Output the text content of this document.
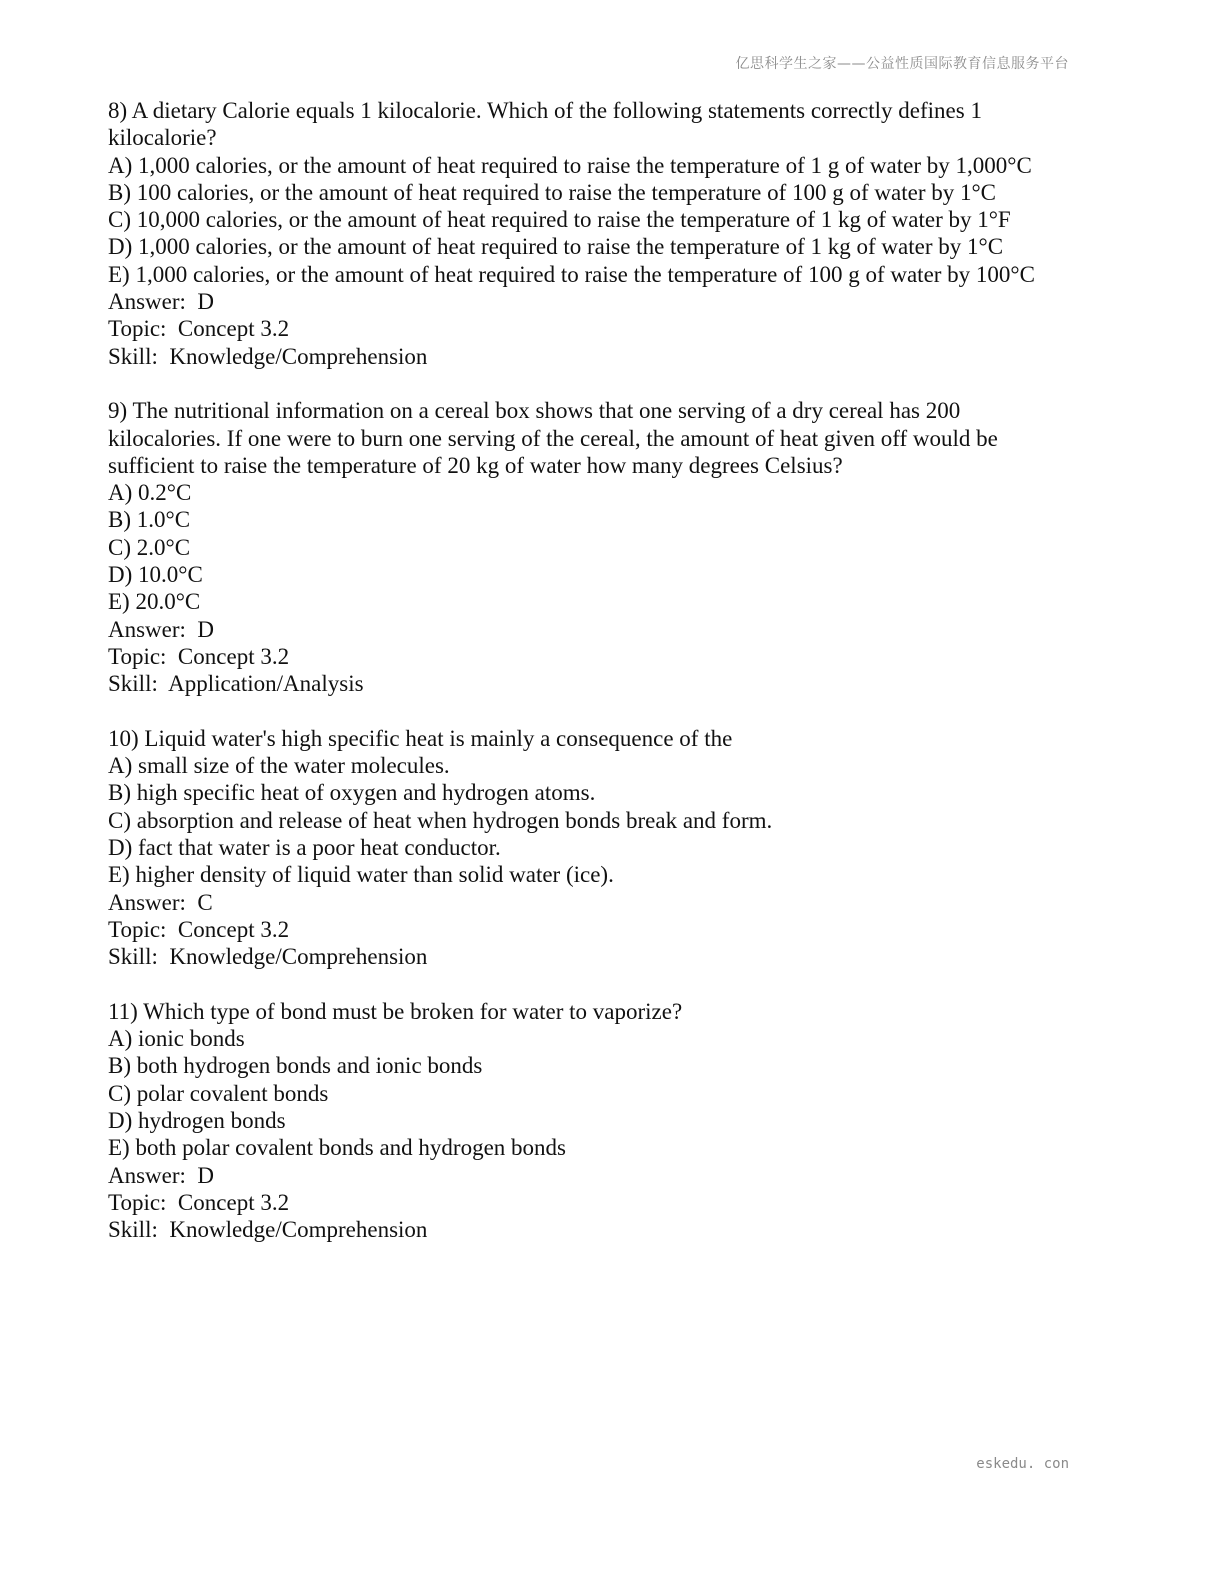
亿思科学生之家——公益性质国际教育信息服务平台
8) A dietary Calorie equals 1 kilocalorie. Which of the following statements correctly defines 1
kilocalorie?
A) 1,000 calories, or the amount of heat required to raise the temperature of 1 g of water by 1,000°C
B) 100 calories, or the amount of heat required to raise the temperature of 100 g of water by 1°C
C) 10,000 calories, or the amount of heat required to raise the temperature of 1 kg of water by 1°F
D) 1,000 calories, or the amount of heat required to raise the temperature of 1 kg of water by 1°C
E) 1,000 calories, or the amount of heat required to raise the temperature of 100 g of water by 100°C
Answer:  D
Topic:  Concept 3.2
Skill:  Knowledge/Comprehension
9) The nutritional information on a cereal box shows that one serving of a dry cereal has 200
kilocalories. If one were to burn one serving of the cereal, the amount of heat given off would be
sufficient to raise the temperature of 20 kg of water how many degrees Celsius?
A) 0.2°C
B) 1.0°C
C) 2.0°C
D) 10.0°C
E) 20.0°C
Answer:  D
Topic:  Concept 3.2
Skill:  Application/Analysis
10) Liquid water's high specific heat is mainly a consequence of the
A) small size of the water molecules.
B) high specific heat of oxygen and hydrogen atoms.
C) absorption and release of heat when hydrogen bonds break and form.
D) fact that water is a poor heat conductor.
E) higher density of liquid water than solid water (ice).
Answer:  C
Topic:  Concept 3.2
Skill:  Knowledge/Comprehension
11) Which type of bond must be broken for water to vaporize?
A) ionic bonds
B) both hydrogen bonds and ionic bonds
C) polar covalent bonds
D) hydrogen bonds
E) both polar covalent bonds and hydrogen bonds
Answer:  D
Topic:  Concept 3.2
Skill:  Knowledge/Comprehension
eskedu. con
